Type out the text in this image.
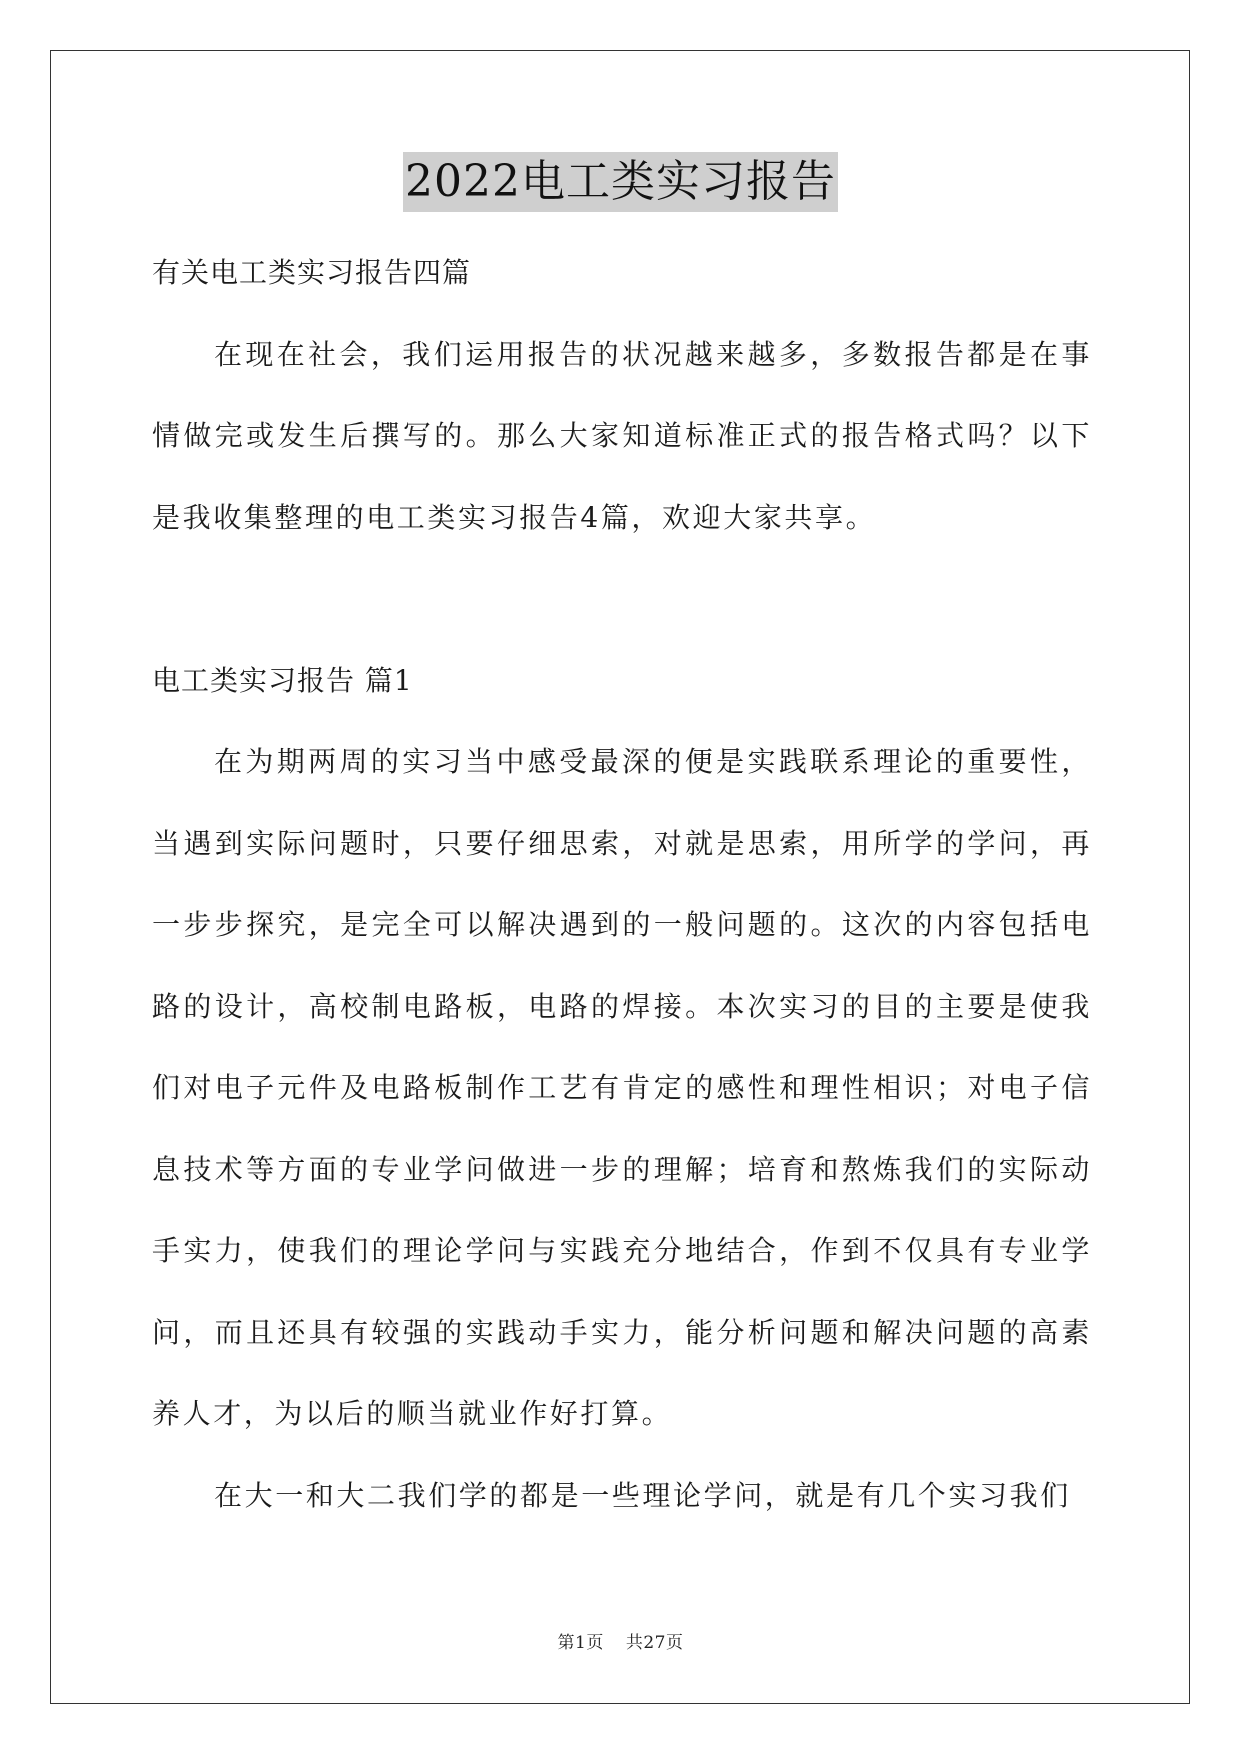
2022电工类实习报告

有关电工类实习报告四篇

在现在社会，我们运用报告的状况越来越多，多数报告都是在事情做完或发生后撰写的。那么大家知道标准正式的报告格式吗？以下是我收集整理的电工类实习报告4篇，欢迎大家共享。

电工类实习报告 篇1

在为期两周的实习当中感受最深的便是实践联系理论的重要性，当遇到实际问题时，只要仔细思索，对就是思索，用所学的学问，再一步步探究，是完全可以解决遇到的一般问题的。这次的内容包括电路的设计，高校制电路板，电路的焊接。本次实习的目的主要是使我们对电子元件及电路板制作工艺有肯定的感性和理性相识；对电子信息技术等方面的专业学问做进一步的理解；培育和熬炼我们的实际动手实力，使我们的理论学问与实践充分地结合，作到不仅具有专业学问，而且还具有较强的实践动手实力，能分析问题和解决问题的高素养人才，为以后的顺当就业作好打算。

在大一和大二我们学的都是一些理论学问，就是有几个实习我们

第1页 共27页
